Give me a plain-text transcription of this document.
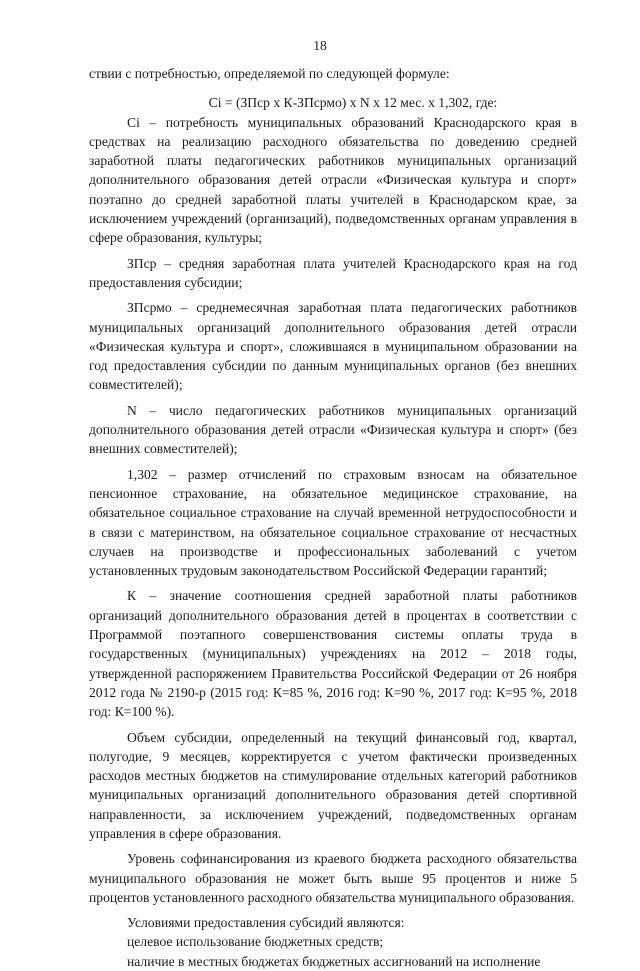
18

ствии с потребностью, определяемой по следующей формуле:

Ci = (ЗПср х К-ЗПсрмо) х N х 12 мес. х 1,302, где:

Ci – потребность муниципальных образований Краснодарского края в средствах на реализацию расходного обязательства по доведению средней заработной платы педагогических работников муниципальных организаций дополнительного образования детей отрасли «Физическая культура и спорт» поэтапно до средней заработной платы учителей в Краснодарском крае, за исключением учреждений (организаций), подведомственных органам управления в сфере образования, культуры;

ЗПср – средняя заработная плата учителей Краснодарского края на год предоставления субсидии;

ЗПсрмо – среднемесячная заработная плата педагогических работников муниципальных организаций дополнительного образования детей отрасли «Физическая культура и спорт», сложившаяся в муниципальном образовании на год предоставления субсидии по данным муниципальных органов (без внешних совместителей);

N – число педагогических работников муниципальных организаций дополнительного образования детей отрасли «Физическая культура и спорт» (без внешних совместителей);

1,302 – размер отчислений по страховым взносам на обязательное пенсионное страхование, на обязательное медицинское страхование, на обязательное социальное страхование на случай временной нетрудоспособности и в связи с материнством, на обязательное социальное страхование от несчастных случаев на производстве и профессиональных заболеваний с учетом установленных трудовым законодательством Российской Федерации гарантий;

К – значение соотношения средней заработной платы работников организаций дополнительного образования детей в процентах в соответствии с Программой поэтапного совершенствования системы оплаты труда в государственных (муниципальных) учреждениях на 2012 – 2018 годы, утвержденной распоряжением Правительства Российской Федерации от 26 ноября 2012 года № 2190-р (2015 год: К=85 %, 2016 год: К=90 %, 2017 год: К=95 %, 2018 год: К=100 %).

Объем субсидии, определенный на текущий финансовый год, квартал, полугодие, 9 месяцев, корректируется с учетом фактически произведенных расходов местных бюджетов на стимулирование отдельных категорий работников муниципальных организаций дополнительного образования детей спортивной направленности, за исключением учреждений, подведомственных органам управления в сфере образования.

Уровень софинансирования из краевого бюджета расходного обязательства муниципального образования не может быть выше 95 процентов и ниже 5 процентов установленного расходного обязательства муниципального образования.

Условиями предоставления субсидий являются:

целевое использование бюджетных средств;

наличие в местных бюджетах бюджетных ассигнований на исполнение
